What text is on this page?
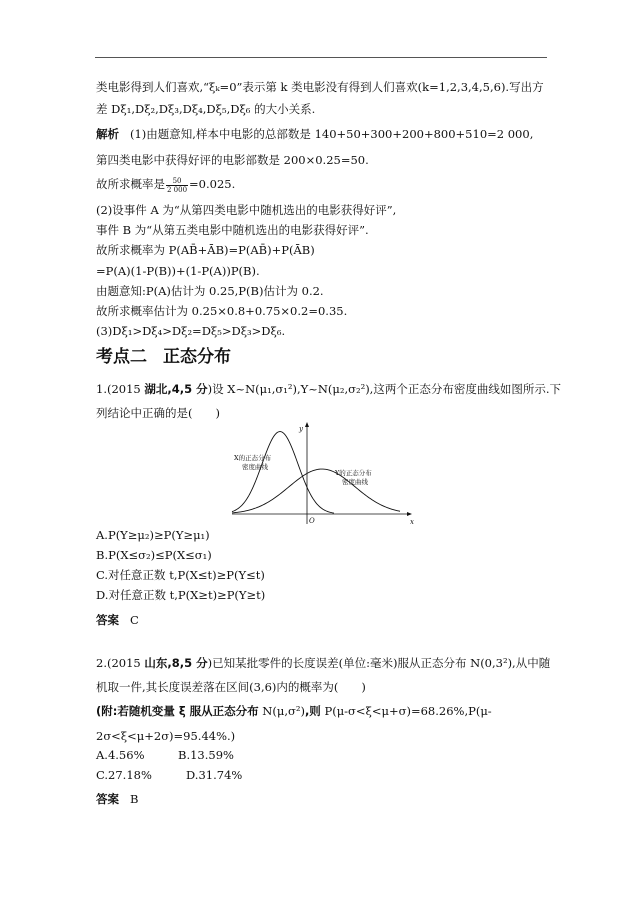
类电影得到人们喜欢,“ξₖ=0”表示第 k 类电影没有得到人们喜欢(k=1,2,3,4,5,6).写出方
差 Dξ₁,Dξ₂,Dξ₃,Dξ₄,Dξ₅,Dξ₆ 的大小关系.
解析 (1)由题意知,样本中电影的总部数是 140+50+300+200+800+510=2 000,
第四类电影中获得好评的电影部数是 200×0.25=50.
故所求概率是 $\frac{50}{2 000} =0.025$.
(2)设事件 A 为“从第四类电影中随机选出的电影获得好评”,
事件 B 为“从第五类电影中随机选出的电影获得好评”.
故所求概率为 P(AB̄+ĀB)=P(AB̄)+P(ĀB)
=P(A)(1-P(B))+(1-P(A))P(B).
由题意知:P(A)估计为 0.25,P(B)估计为 0.2.
故所求概率估计为 0.25×0.8+0.75×0.2=0.35.
(3)Dξ₁>Dξ₄>Dξ₂=Dξ₅>Dξ₃>Dξ₆.
考点二 正态分布
1.(2015 湖北,4,5 分)设 X~N(μ₁,σ₁²),Y~N(μ₂,σ₂²),这两个正态分布密度曲线如图所示.下
列结论中正确的是(　　)
y
x
O
X的正态分布
密度曲线
Y的正态分布
密度曲线
A.P(Y≥μ₂)≥P(Y≥μ₁)
B.P(X≤σ₂)≤P(X≤σ₁)
C.对任意正数 t,P(X≤t)≥P(Y≤t)
D.对任意正数 t,P(X≥t)≥P(Y≥t)
答案 C
2.(2015 山东,8,5 分)已知某批零件的长度误差(单位:毫米)服从正态分布 N(0,3²),从中随
机取一件,其长度误差落在区间(3,6)内的概率为(　　)
(附:若随机变量 ξ 服从正态分布 N(μ,σ²),则 P(μ-σ<ξ<μ+σ)=68.26%,P(μ-
2σ<ξ<μ+2σ)=95.44%.)
A.4.56%	B.13.59%
C.27.18%	D.31.74%
答案 B
